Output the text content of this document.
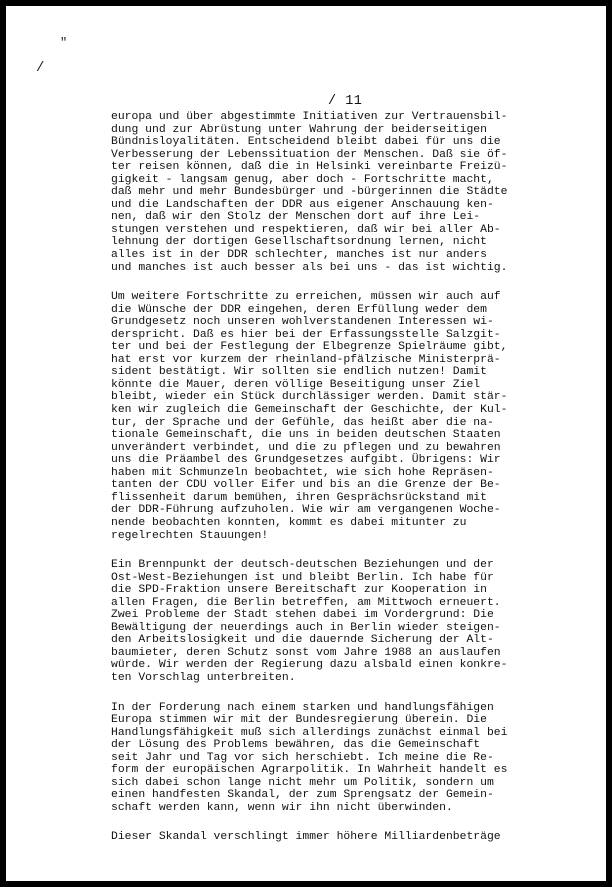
"
/
/ 11
europa und über abgestimmte Initiativen zur Vertrauensbil-
dung und zur Abrüstung unter Wahrung der beiderseitigen
Bündnisloyalitäten. Entscheidend bleibt dabei für uns die
Verbesserung der Lebenssituation der Menschen. Daß sie öf-
ter reisen können, daß die in Helsinki vereinbarte Freizü-
gigkeit - langsam genug, aber doch - Fortschritte macht,
daß mehr und mehr Bundesbürger und -bürgerinnen die Städte
und die Landschaften der DDR aus eigener Anschauung ken-
nen, daß wir den Stolz der Menschen dort auf ihre Lei-
stungen verstehen und respektieren, daß wir bei aller Ab-
lehnung der dortigen Gesellschaftsordnung lernen, nicht
alles ist in der DDR schlechter, manches ist nur anders
und manches ist auch besser als bei uns - das ist wichtig.
Um weitere Fortschritte zu erreichen, müssen wir auch auf
die Wünsche der DDR eingehen, deren Erfüllung weder dem
Grundgesetz noch unseren wohlverstandenen Interessen wi-
derspricht. Daß es hier bei der Erfassungsstelle Salzgit-
ter und bei der Festlegung der Elbegrenze Spielräume gibt,
hat erst vor kurzem der rheinland-pfälzische Ministerprä-
sident bestätigt. Wir sollten sie endlich nutzen! Damit
könnte die Mauer, deren völlige Beseitigung unser Ziel
bleibt, wieder ein Stück durchlässiger werden. Damit stär-
ken wir zugleich die Gemeinschaft der Geschichte, der Kul-
tur, der Sprache und der Gefühle, das heißt aber die na-
tionale Gemeinschaft, die uns in beiden deutschen Staaten
unverändert verbindet, und die zu pflegen und zu bewahren
uns die Präambel des Grundgesetzes aufgibt. Übrigens: Wir
haben mit Schmunzeln beobachtet, wie sich hohe Repräsen-
tanten der CDU voller Eifer und bis an die Grenze der Be-
flissenheit darum bemühen, ihren Gesprächsrückstand mit
der DDR-Führung aufzuholen. Wie wir am vergangenen Woche-
nende beobachten konnten, kommt es dabei mitunter zu
regelrechten Stauungen!
Ein Brennpunkt der deutsch-deutschen Beziehungen und der
Ost-West-Beziehungen ist und bleibt Berlin. Ich habe für
die SPD-Fraktion unsere Bereitschaft zur Kooperation in
allen Fragen, die Berlin betreffen, am Mittwoch erneuert.
Zwei Probleme der Stadt stehen dabei im Vordergrund: Die
Bewältigung der neuerdings auch in Berlin wieder steigen-
den Arbeitslosigkeit und die dauernde Sicherung der Alt-
baumieter, deren Schutz sonst vom Jahre 1988 an auslaufen
würde. Wir werden der Regierung dazu alsbald einen konkre-
ten Vorschlag unterbreiten.
In der Forderung nach einem starken und handlungsfähigen
Europa stimmen wir mit der Bundesregierung überein. Die
Handlungsfähigkeit muß sich allerdings zunächst einmal bei
der Lösung des Problems bewähren, das die Gemeinschaft
seit Jahr und Tag vor sich herschiebt. Ich meine die Re-
form der europäischen Agrarpolitik. In Wahrheit handelt es
sich dabei schon lange nicht mehr um Politik, sondern um
einen handfesten Skandal, der zum Sprengsatz der Gemein-
schaft werden kann, wenn wir ihn nicht überwinden.
Dieser Skandal verschlingt immer höhere Milliardenbeträge
